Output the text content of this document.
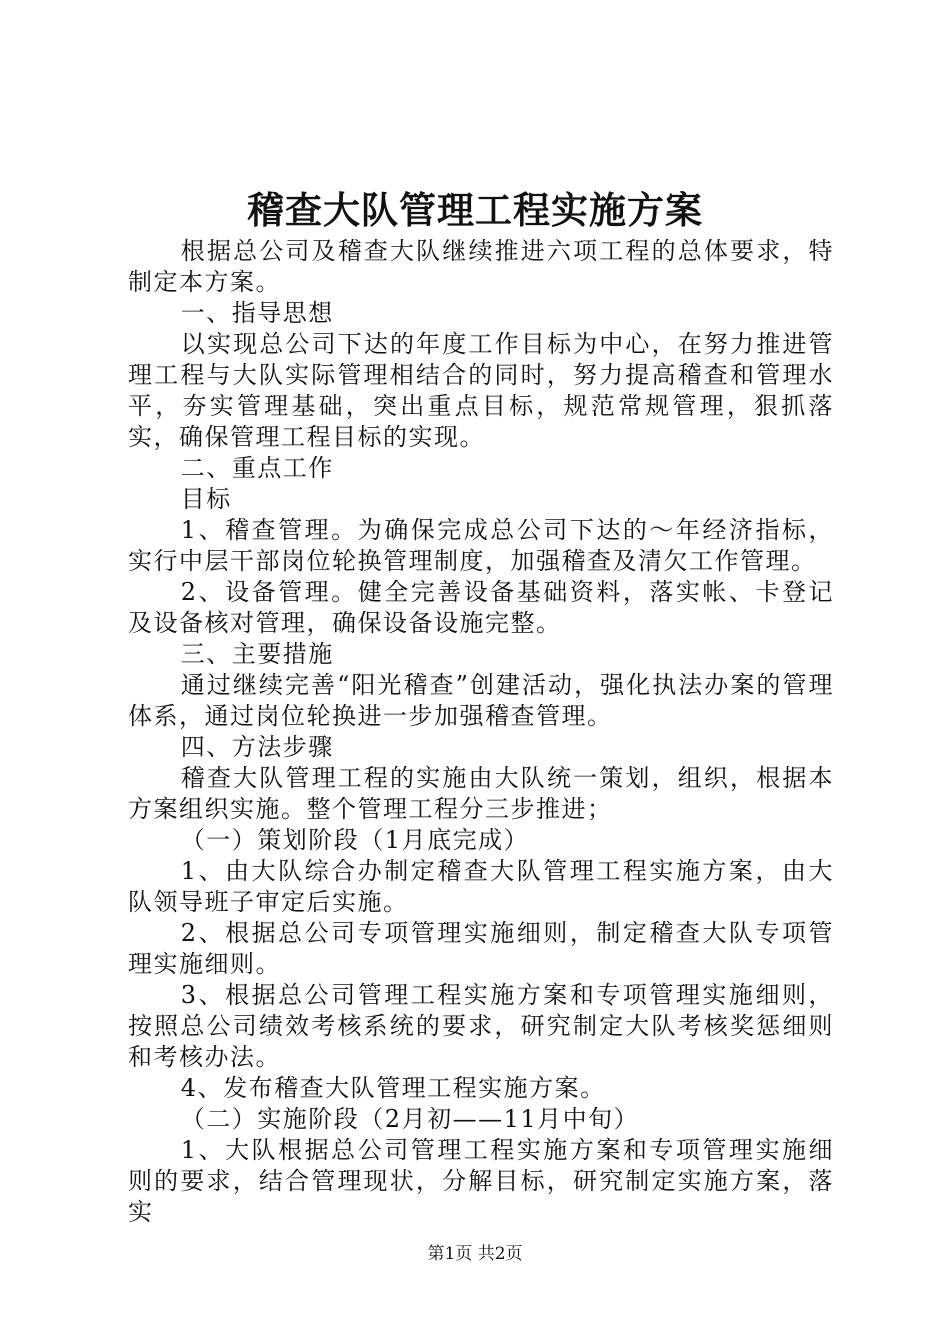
稽查大队管理工程实施方案

根据总公司及稽查大队继续推进六项工程的总体要求，特制定本方案。

一、指导思想

以实现总公司下达的年度工作目标为中心，在努力推进管理工程与大队实际管理相结合的同时，努力提高稽查和管理水平，夯实管理基础，突出重点目标，规范常规管理，狠抓落实，确保管理工程目标的实现。

二、重点工作

目标

1、稽查管理。为确保完成总公司下达的～年经济指标，实行中层干部岗位轮换管理制度，加强稽查及清欠工作管理。

2、设备管理。健全完善设备基础资料，落实帐、卡登记及设备核对管理，确保设备设施完整。

三、主要措施

通过继续完善“阳光稽查”创建活动，强化执法办案的管理体系，通过岗位轮换进一步加强稽查管理。

四、方法步骤

稽查大队管理工程的实施由大队统一策划，组织，根据本方案组织实施。整个管理工程分三步推进；

（一）策划阶段（1月底完成）

1、由大队综合办制定稽查大队管理工程实施方案，由大队领导班子审定后实施。

2、根据总公司专项管理实施细则，制定稽查大队专项管理实施细则。

3、根据总公司管理工程实施方案和专项管理实施细则，按照总公司绩效考核系统的要求，研究制定大队考核奖惩细则和考核办法。

4、发布稽查大队管理工程实施方案。

（二）实施阶段（2月初——11月中旬）

1、大队根据总公司管理工程实施方案和专项管理实施细则的要求，结合管理现状，分解目标，研究制定实施方案，落实

第1页 共2页
